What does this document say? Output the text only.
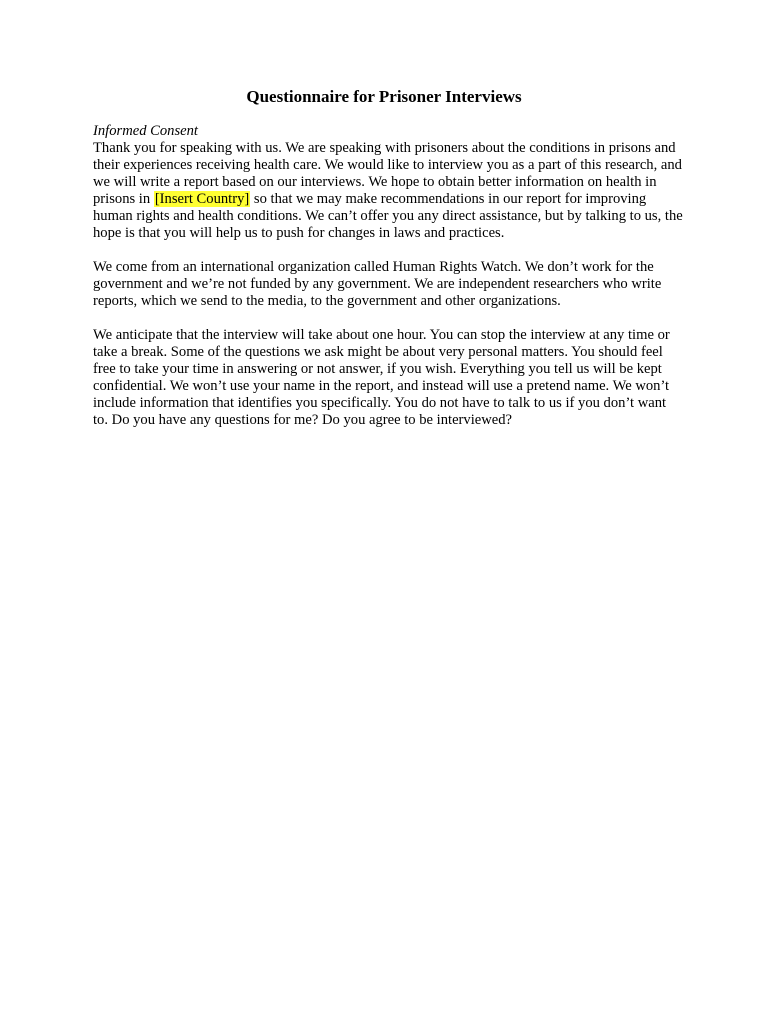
Questionnaire for Prisoner Interviews
Informed Consent

Thank you for speaking with us. We are speaking with prisoners about the conditions in prisons and their experiences receiving health care. We would like to interview you as a part of this research, and we will write a report based on our interviews. We hope to obtain better information on health in prisons in [Insert Country] so that we may make recommendations in our report for improving human rights and health conditions. We can’t offer you any direct assistance, but by talking to us, the hope is that you will help us to push for changes in laws and practices.

We come from an international organization called Human Rights Watch. We don’t work for the government and we’re not funded by any government. We are independent researchers who write reports, which we send to the media, to the government and other organizations.

We anticipate that the interview will take about one hour. You can stop the interview at any time or take a break. Some of the questions we ask might be about very personal matters. You should feel free to take your time in answering or not answer, if you wish. Everything you tell us will be kept confidential. We won’t use your name in the report, and instead will use a pretend name. We won’t include information that identifies you specifically. You do not have to talk to us if you don’t want to. Do you have any questions for me? Do you agree to be interviewed?
